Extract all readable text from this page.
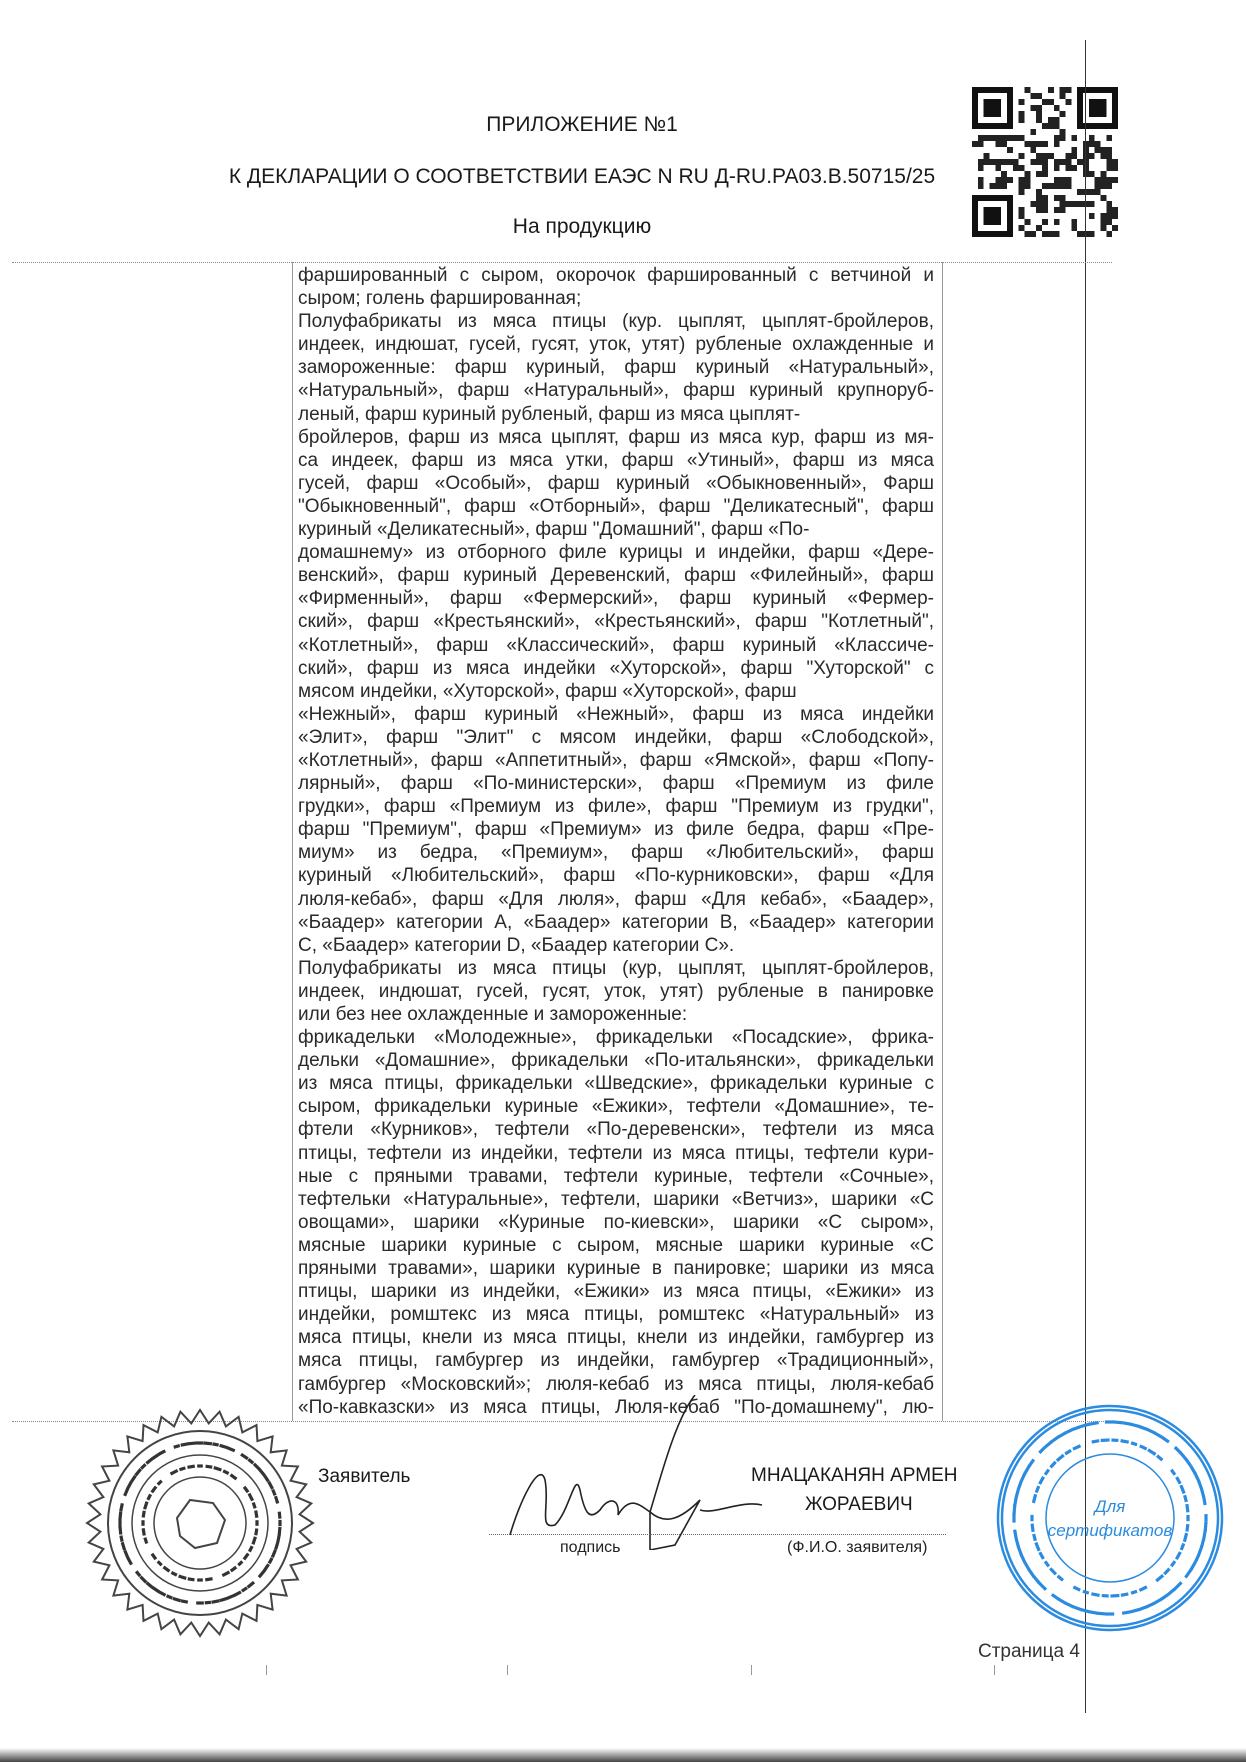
ПРИЛОЖЕНИЕ №1
К ДЕКЛАРАЦИИ О СООТВЕТСТВИИ ЕАЭС N RU Д-RU.PA03.B.50715/25
На продукцию
фаршированный с сыром, окорочок фаршированный с ветчиной и
сыром; голень фаршированная;
Полуфабрикаты из мяса птицы (кур. цыплят, цыплят-бройлеров,
индеек, индюшат, гусей, гусят, уток, утят) рубленые охлажденные и
замороженные: фарш куриный, фарш куриный «Натуральный»,
«Натуральный», фарш «Натуральный», фарш куриный крупноруб-
леный, фарш куриный рубленый, фарш из мяса цыплят-
бройлеров, фарш из мяса цыплят, фарш из мяса кур, фарш из мя-
са индеек, фарш из мяса утки, фарш «Утиный», фарш из мяса
гусей, фарш «Особый», фарш куриный «Обыкновенный», Фарш
"Обыкновенный", фарш «Отборный», фарш "Деликатесный", фарш
куриный «Деликатесный», фарш "Домашний", фарш «По-
домашнему» из отборного филе курицы и индейки, фарш «Дере-
венский», фарш куриный Деревенский, фарш «Филейный», фарш
«Фирменный», фарш «Фермерский», фарш куриный «Фермер-
ский», фарш «Крестьянский», «Крестьянский», фарш "Котлетный",
«Котлетный», фарш «Классический», фарш куриный «Классиче-
ский», фарш из мяса индейки «Хуторской», фарш "Хуторской" с
мясом индейки, «Хуторской», фарш «Хуторской», фарш
«Нежный», фарш куриный «Нежный», фарш из мяса индейки
«Элит», фарш "Элит" с мясом индейки, фарш «Слободской»,
«Котлетный», фарш «Аппетитный», фарш «Ямской», фарш «Попу-
лярный», фарш «По-министерски», фарш «Премиум из филе
грудки», фарш «Премиум из филе», фарш "Премиум из грудки",
фарш "Премиум", фарш «Премиум» из филе бедра, фарш «Пре-
миум» из бедра, «Премиум», фарш «Любительский», фарш
куриный «Любительский», фарш «По-курниковски», фарш «Для
люля-кебаб», фарш «Для люля», фарш «Для кебаб», «Баадер»,
«Баадер» категории А, «Баадер» категории В, «Баадер» категории
С, «Баадер» категории D, «Баадер категории С».
Полуфабрикаты из мяса птицы (кур, цыплят, цыплят-бройлеров,
индеек, индюшат, гусей, гусят, уток, утят) рубленые в панировке
или без нее охлажденные и замороженные:
фрикадельки «Молодежные», фрикадельки «Посадские», фрика-
дельки «Домашние», фрикадельки «По-итальянски», фрикадельки
из мяса птицы, фрикадельки «Шведские», фрикадельки куриные с
сыром, фрикадельки куриные «Ежики», тефтели «Домашние», те-
фтели «Курников», тефтели «По-деревенски», тефтели из мяса
птицы, тефтели из индейки, тефтели из мяса птицы, тефтели кури-
ные с пряными травами, тефтели куриные, тефтели «Сочные»,
тефтельки «Натуральные», тефтели, шарики «Ветчиз», шарики «С
овощами», шарики «Куриные по-киевски», шарики «С сыром»,
мясные шарики куриные с сыром, мясные шарики куриные «С
пряными травами», шарики куриные в панировке; шарики из мяса
птицы, шарики из индейки, «Ежики» из мяса птицы, «Ежики» из
индейки, ромштекс из мяса птицы, ромштекс «Натуральный» из
мяса птицы, кнели из мяса птицы, кнели из индейки, гамбургер из
мяса птицы, гамбургер из индейки, гамбургер «Традиционный»,
гамбургер «Московский»; люля-кебаб из мяса птицы, люля-кебаб
«По-кавказски» из мяса птицы, Люля-кебаб "По-домашнему", лю-
Заявитель	МНАЦАКАНЯН АРМЕН
ЖОРАЕВИЧ
подпись	(Ф.И.О. заявителя)
Для
сертификатов
Страница 4
